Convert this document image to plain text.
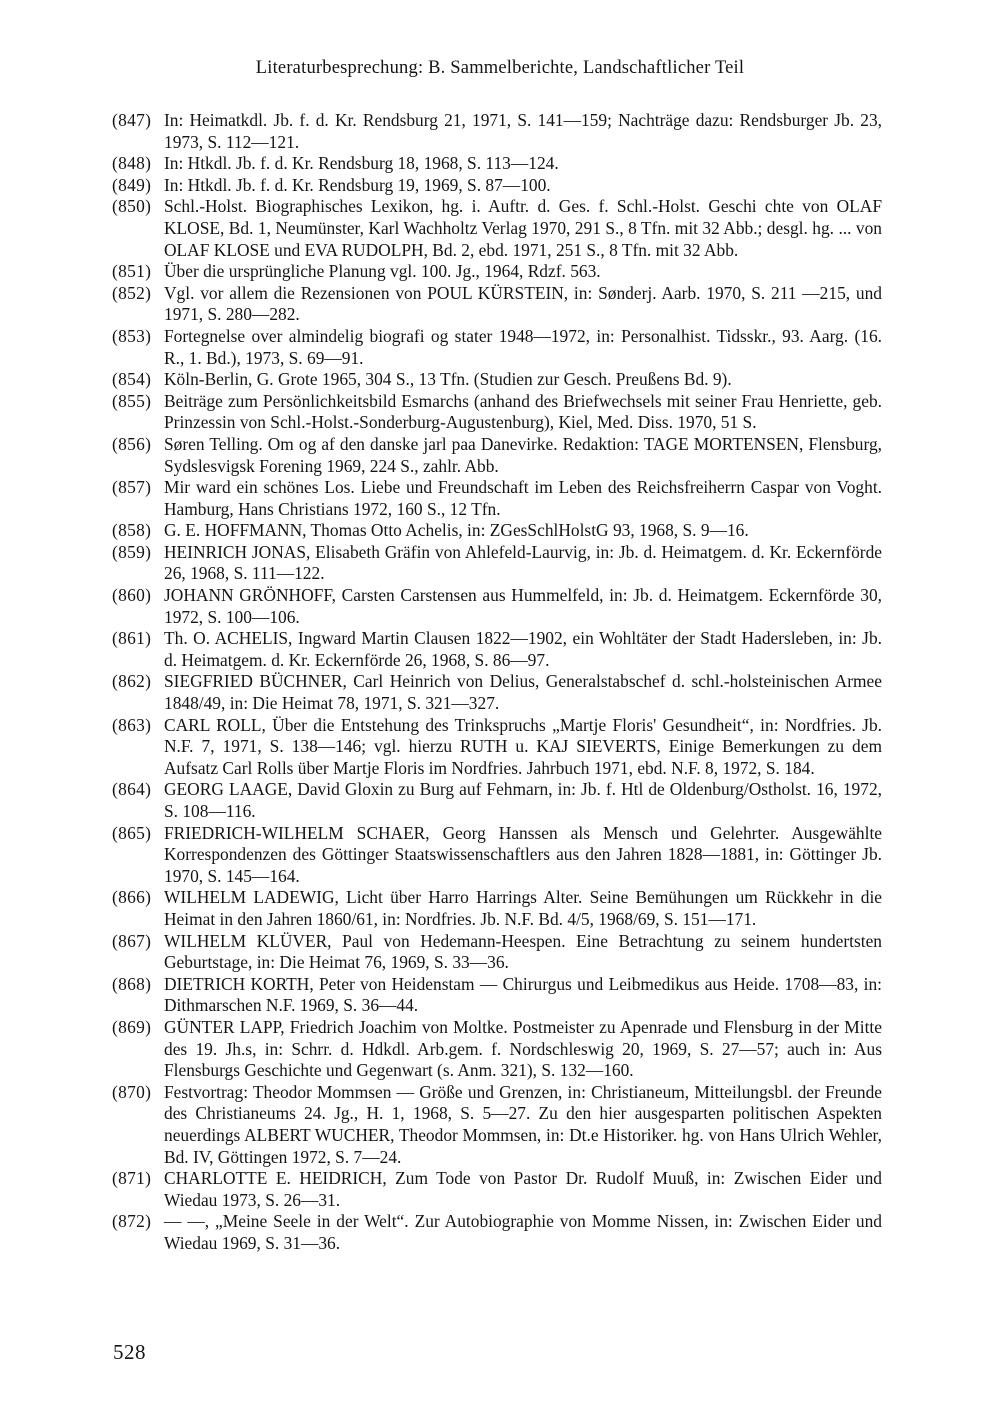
Literaturbesprechung: B. Sammelberichte, Landschaftlicher Teil
(847) In: Heimatkdl. Jb. f. d. Kr. Rendsburg 21, 1971, S. 141—159; Nachträge dazu: Rendsburger Jb. 23, 1973, S. 112—121.
(848) In: Htkdl. Jb. f. d. Kr. Rendsburg 18, 1968, S. 113—124.
(849) In: Htkdl. Jb. f. d. Kr. Rendsburg 19, 1969, S. 87—100.
(850) Schl.-Holst. Biographisches Lexikon, hg. i. Auftr. d. Ges. f. Schl.-Holst. Geschi chte von OLAF KLOSE, Bd. 1, Neumünster, Karl Wachholtz Verlag 1970, 291 S., 8 Tfn. mit 32 Abb.; desgl. hg. ... von OLAF KLOSE und EVA RUDOLPH, Bd. 2, ebd. 1971, 251 S., 8 Tfn. mit 32 Abb.
(851) Über die ursprüngliche Planung vgl. 100. Jg., 1964, Rdzf. 563.
(852) Vgl. vor allem die Rezensionen von POUL KÜRSTEIN, in: Sønderj. Aarb. 1970, S. 211 —215, und 1971, S. 280—282.
(853) Fortegnelse over almindelig biografi og stater 1948—1972, in: Personalhist. Tidsskr., 93. Aarg. (16. R., 1. Bd.), 1973, S. 69—91.
(854) Köln-Berlin, G. Grote 1965, 304 S., 13 Tfn. (Studien zur Gesch. Preußens Bd. 9).
(855) Beiträge zum Persönlichkeitsbild Esmarchs (anhand des Briefwechsels mit seiner Frau Henriette, geb. Prinzessin von Schl.-Holst.-Sonderburg-Augustenburg), Kiel, Med. Diss. 1970, 51 S.
(856) Søren Telling. Om og af den danske jarl paa Danevirke. Redaktion: TAGE MORTENSEN, Flensburg, Sydslesvigsk Forening 1969, 224 S., zahlr. Abb.
(857) Mir ward ein schönes Los. Liebe und Freundschaft im Leben des Reichsfreiherrn Caspar von Voght. Hamburg, Hans Christians 1972, 160 S., 12 Tfn.
(858) G. E. HOFFMANN, Thomas Otto Achelis, in: ZGesSchlHolstG 93, 1968, S. 9—16.
(859) HEINRICH JONAS, Elisabeth Gräfin von Ahlefeld-Laurvig, in: Jb. d. Heimatgem. d. Kr. Eckernförde 26, 1968, S. 111—122.
(860) JOHANN GRÖNHOFF, Carsten Carstensen aus Hummelfeld, in: Jb. d. Heimatgem. Eckernförde 30, 1972, S. 100—106.
(861) Th. O. ACHELIS, Ingward Martin Clausen 1822—1902, ein Wohltäter der Stadt Hadersleben, in: Jb. d. Heimatgem. d. Kr. Eckernförde 26, 1968, S. 86—97.
(862) SIEGFRIED BÜCHNER, Carl Heinrich von Delius, Generalstabschef d. schl.-holsteinischen Armee 1848/49, in: Die Heimat 78, 1971, S. 321—327.
(863) CARL ROLL, Über die Entstehung des Trinkspruchs „Martje Floris' Gesundheit“, in: Nordfries. Jb. N.F. 7, 1971, S. 138—146; vgl. hierzu RUTH u. KAJ SIEVERTS, Einige Bemerkungen zu dem Aufsatz Carl Rolls über Martje Floris im Nordfries. Jahrbuch 1971, ebd. N.F. 8, 1972, S. 184.
(864) GEORG LAAGE, David Gloxin zu Burg auf Fehmarn, in: Jb. f. Htl de Oldenburg/Ostholst. 16, 1972, S. 108—116.
(865) FRIEDRICH-WILHELM SCHAER, Georg Hanssen als Mensch und Gelehrter. Ausgewählte Korrespondenzen des Göttinger Staatswissenschaftlers aus den Jahren 1828—1881, in: Göttinger Jb. 1970, S. 145—164.
(866) WILHELM LADEWIG, Licht über Harro Harrings Alter. Seine Bemühungen um Rückkehr in die Heimat in den Jahren 1860/61, in: Nordfries. Jb. N.F. Bd. 4/5, 1968/69, S. 151—171.
(867) WILHELM KLÜVER, Paul von Hedemann-Heespen. Eine Betrachtung zu seinem hundertsten Geburtstage, in: Die Heimat 76, 1969, S. 33—36.
(868) DIETRICH KORTH, Peter von Heidenstam — Chirurgus und Leibmedikus aus Heide. 1708—83, in: Dithmarschen N.F. 1969, S. 36—44.
(869) GÜNTER LAPP, Friedrich Joachim von Moltke. Postmeister zu Apenrade und Flensburg in der Mitte des 19. Jh.s, in: Schrr. d. Hdkdl. Arb.gem. f. Nordschleswig 20, 1969, S. 27—57; auch in: Aus Flensburgs Geschichte und Gegenwart (s. Anm. 321), S. 132—160.
(870) Festvortrag: Theodor Mommsen — Größe und Grenzen, in: Christianeum, Mitteilungsbl. der Freunde des Christianeums 24. Jg., H. 1, 1968, S. 5—27. Zu den hier ausgesparten politischen Aspekten neuerdings ALBERT WUCHER, Theodor Mommsen, in: Dt.e Historiker. hg. von Hans Ulrich Wehler, Bd. IV, Göttingen 1972, S. 7—24.
(871) CHARLOTTE E. HEIDRICH, Zum Tode von Pastor Dr. Rudolf Muuß, in: Zwischen Eider und Wiedau 1973, S. 26—31.
(872) — —, „Meine Seele in der Welt“. Zur Autobiographie von Momme Nissen, in: Zwischen Eider und Wiedau 1969, S. 31—36.
528
